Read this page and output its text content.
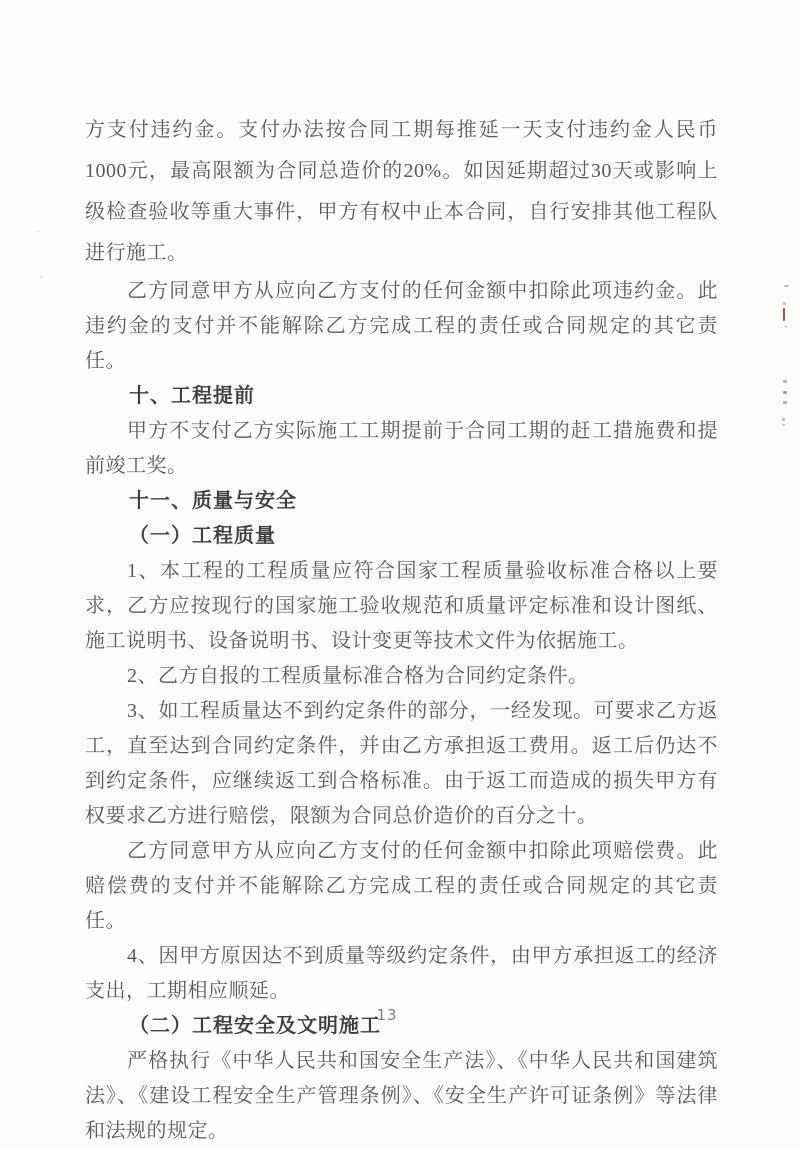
方支付违约金。支付办法按合同工期每推延一天支付违约金人民币1000元，最高限额为合同总造价的20%。如因延期超过30天或影响上级检查验收等重大事件，甲方有权中止本合同，自行安排其他工程队进行施工。

乙方同意甲方从应向乙方支付的任何金额中扣除此项违约金。此违约金的支付并不能解除乙方完成工程的责任或合同规定的其它责任。

十、工程提前

甲方不支付乙方实际施工工期提前于合同工期的赶工措施费和提前竣工奖。

十一、质量与安全

（一）工程质量

1、本工程的工程质量应符合国家工程质量验收标准合格以上要求，乙方应按现行的国家施工验收规范和质量评定标准和设计图纸、施工说明书、设备说明书、设计变更等技术文件为依据施工。

2、乙方自报的工程质量标准合格为合同约定条件。

3、如工程质量达不到约定条件的部分，一经发现。可要求乙方返工，直至达到合同约定条件，并由乙方承担返工费用。返工后仍达不到约定条件，应继续返工到合格标准。由于返工而造成的损失甲方有权要求乙方进行赔偿，限额为合同总价造价的百分之十。

乙方同意甲方从应向乙方支付的任何金额中扣除此项赔偿费。此赔偿费的支付并不能解除乙方完成工程的责任或合同规定的其它责任。

4、因甲方原因达不到质量等级约定条件，由甲方承担返工的经济支出，工期相应顺延。

（二）工程安全及文明施工

严格执行《中华人民共和国安全生产法》、《中华人民共和国建筑法》、《建设工程安全生产管理条例》、《安全生产许可证条例》等法律和法规的规定。

13
